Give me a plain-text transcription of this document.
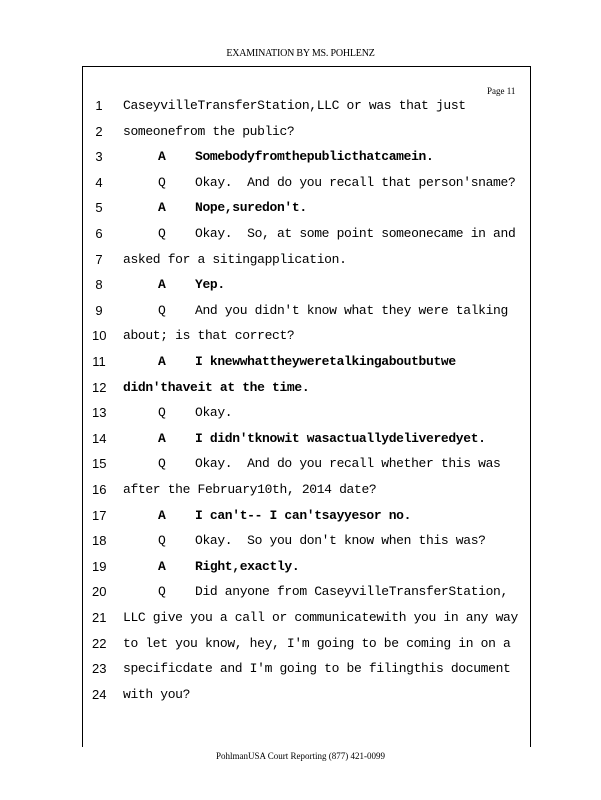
EXAMINATION BY MS. POHLENZ
Page 11
1 CaseyvilleTransferStation,LLC or was that just
2 someonefrom the public?
3	A Somebodyfromthepublicthatcamein.
4	Q Okay.  And do you recall that person'sname?
5	A Nope,suredon't.
6	Q Okay.  So, at some point someonecame in and
7 asked for a sitingapplication.
8	A Yep.
9	Q And you didn't know what they were talking
10 about; is that correct?
11	A I knewwhattheyweretalkingaboutbutwe
12 didn'thaveit at the time.
13	Q Okay.
14	A I didn'tknowit wasactuallydeliveredyet.
15	Q Okay.  And do you recall whether this was
16 after the February10th, 2014 date?
17	A I can't-- I can'tsayyesor no.
18	Q Okay.  So you don't know when this was?
19	A Right,exactly.
20	Q Did anyone from CaseyvilleTransferStation,
21 LLC give you a call or communicatewith you in any way
22 to let you know, hey, I'm going to be coming in on a
23 specificdate and I'm going to be filingthis document
24 with you?
PohlmanUSA Court Reporting (877) 421-0099
